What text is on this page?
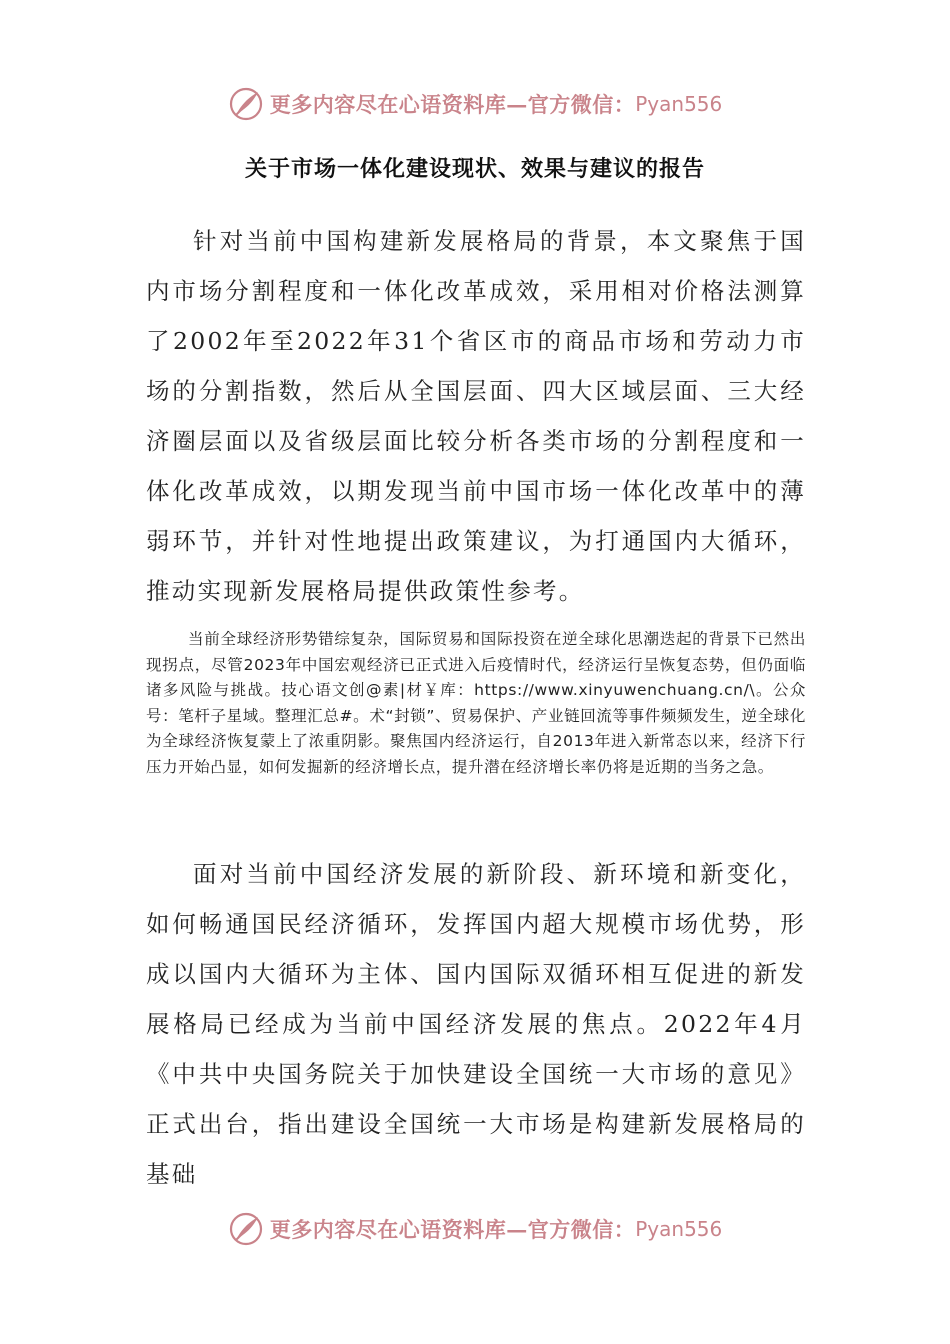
更多内容尽在心语资料库—官方微信： Pyan556
关于市场一体化建设现状、效果与建议的报告

针对当前中国构建新发展格局的背景，本文聚焦于国内市场分割程度和一体化改革成效，采用相对价格法测算了2002年至2022年31个省区市的商品市场和劳动力市场的分割指数，然后从全国层面、四大区域层面、三大经济圈层面以及省级层面比较分析各类市场的分割程度和一体化改革成效，以期发现当前中国市场一体化改革中的薄弱环节，并针对性地提出政策建议，为打通国内大循环，推动实现新发展格局提供政策性参考。

当前全球经济形势错综复杂，国际贸易和国际投资在逆全球化思潮迭起的背景下已然出现拐点，尽管2023年中国宏观经济已正式进入后疫情时代，经济运行呈恢复态势，但仍面临诸多风险与挑战。技心语文创@素|材￥库：https://www.xinyuwenchuang.cn/\。公众号：笔杆子星域。整理汇总#。术“封锁”、贸易保护、产业链回流等事件频频发生，逆全球化为全球经济恢复蒙上了浓重阴影。聚焦国内经济运行，自2013年进入新常态以来，经济下行压力开始凸显，如何发掘新的经济增长点，提升潜在经济增长率仍将是近期的当务之急。

面对当前中国经济发展的新阶段、新环境和新变化，如何畅通国民经济循环，发挥国内超大规模市场优势，形成以国内大循环为主体、国内国际双循环相互促进的新发展格局已经成为当前中国经济发展的焦点。2022年4月《中共中央国务院关于加快建设全国统一大市场的意见》正式出台，指出建设全国统一大市场是构建新发展格局的基础

更多内容尽在心语资料库—官方微信： Pyan556
